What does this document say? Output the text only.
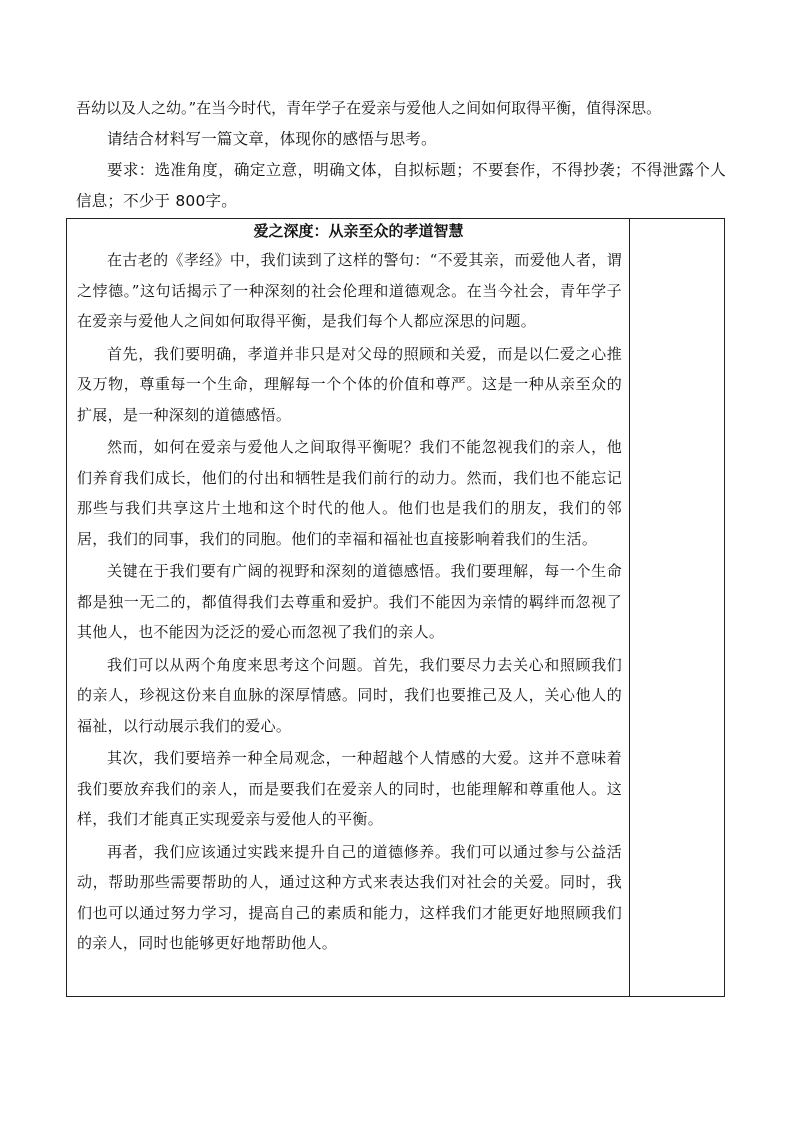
吾幼以及人之幼。”在当今时代，青年学子在爱亲与爱他人之间如何取得平衡，值得深思。

请结合材料写一篇文章，体现你的感悟与思考。

要求：选准角度，确定立意，明确文体，自拟标题；不要套作，不得抄袭；不得泄露个人信息；不少于 800字。

爱之深度：从亲至众的孝道智慧

在古老的《孝经》中，我们读到了这样的警句：“不爱其亲，而爱他人者，谓之悖德。”这句话揭示了一种深刻的社会伦理和道德观念。在当今社会，青年学子在爱亲与爱他人之间如何取得平衡，是我们每个人都应深思的问题。

首先，我们要明确，孝道并非只是对父母的照顾和关爱，而是以仁爱之心推及万物，尊重每一个生命，理解每一个个体的价值和尊严。这是一种从亲至众的扩展，是一种深刻的道德感悟。

然而，如何在爱亲与爱他人之间取得平衡呢？我们不能忽视我们的亲人，他们养育我们成长，他们的付出和牺牲是我们前行的动力。然而，我们也不能忘记那些与我们共享这片土地和这个时代的他人。他们也是我们的朋友，我们的邻居，我们的同事，我们的同胞。他们的幸福和福祉也直接影响着我们的生活。

关键在于我们要有广阔的视野和深刻的道德感悟。我们要理解，每一个生命都是独一无二的，都值得我们去尊重和爱护。我们不能因为亲情的羁绊而忽视了其他人，也不能因为泛泛的爱心而忽视了我们的亲人。

我们可以从两个角度来思考这个问题。首先，我们要尽力去关心和照顾我们的亲人，珍视这份来自血脉的深厚情感。同时，我们也要推己及人，关心他人的福祉，以行动展示我们的爱心。

其次，我们要培养一种全局观念，一种超越个人情感的大爱。这并不意味着我们要放弃我们的亲人，而是要我们在爱亲人的同时，也能理解和尊重他人。这样，我们才能真正实现爱亲与爱他人的平衡。

再者，我们应该通过实践来提升自己的道德修养。我们可以通过参与公益活动，帮助那些需要帮助的人，通过这种方式来表达我们对社会的关爱。同时，我们也可以通过努力学习，提高自己的素质和能力，这样我们才能更好地照顾我们的亲人，同时也能够更好地帮助他人。
